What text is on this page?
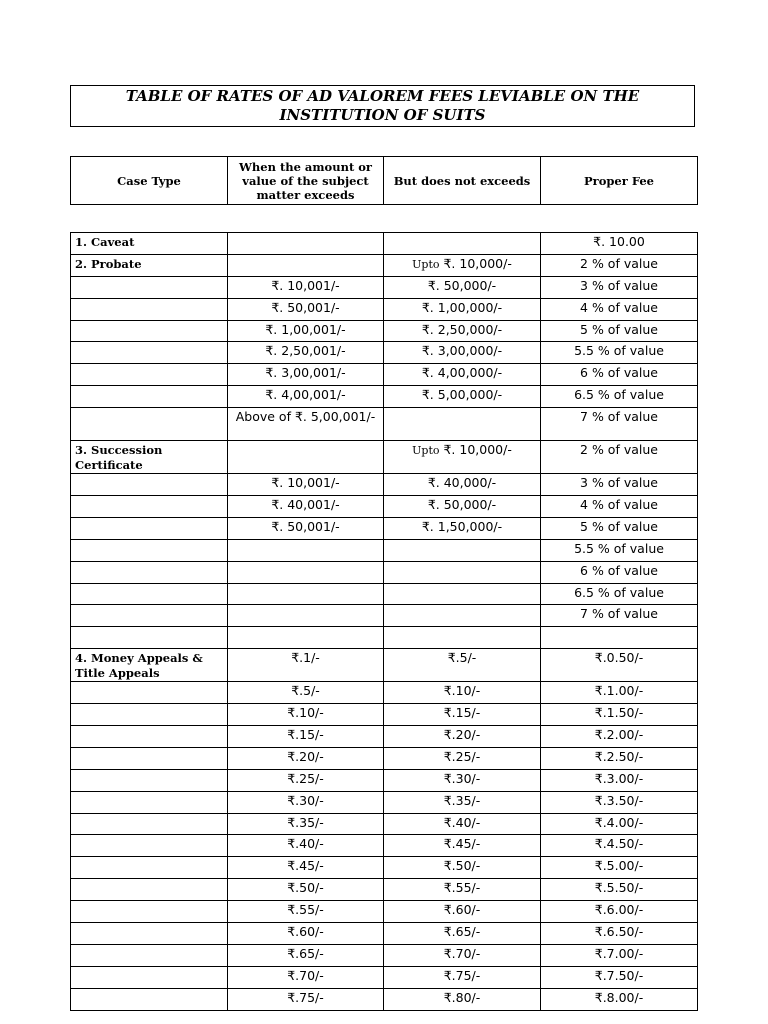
TABLE OF RATES OF AD VALOREM FEES LEVIABLE ON THE
INSTITUTION OF SUITS
Case Type	When the amount or value of the subject matter exceeds	But does not exceeds	Proper Fee
1. Caveat			₹. 10.00
2. Probate		Upto ₹. 10,000/-	2 % of value
	₹. 10,001/-	₹. 50,000/-	3 % of value
	₹. 50,001/-	₹. 1,00,000/-	4 % of value
	₹. 1,00,001/-	₹. 2,50,000/-	5 % of value
	₹. 2,50,001/-	₹. 3,00,000/-	5.5 % of value
	₹. 3,00,001/-	₹. 4,00,000/-	6 % of value
	₹. 4,00,001/-	₹. 5,00,000/-	6.5 % of value
	Above of ₹. 5,00,001/-		7 % of value
3. Succession Certificate		Upto ₹. 10,000/-	2 % of value
	₹. 10,001/-	₹. 40,000/-	3 % of value
	₹. 40,001/-	₹. 50,000/-	4 % of value
	₹. 50,001/-	₹. 1,50,000/-	5 % of value
			5.5 % of value
			6 % of value
			6.5 % of value
			7 % of value

4. Money Appeals & Title Appeals	₹.1/-	₹.5/-	₹.0.50/-
	₹.5/-	₹.10/-	₹.1.00/-
	₹.10/-	₹.15/-	₹.1.50/-
	₹.15/-	₹.20/-	₹.2.00/-
	₹.20/-	₹.25/-	₹.2.50/-
	₹.25/-	₹.30/-	₹.3.00/-
	₹.30/-	₹.35/-	₹.3.50/-
	₹.35/-	₹.40/-	₹.4.00/-
	₹.40/-	₹.45/-	₹.4.50/-
	₹.45/-	₹.50/-	₹.5.00/-
	₹.50/-	₹.55/-	₹.5.50/-
	₹.55/-	₹.60/-	₹.6.00/-
	₹.60/-	₹.65/-	₹.6.50/-
	₹.65/-	₹.70/-	₹.7.00/-
	₹.70/-	₹.75/-	₹.7.50/-
	₹.75/-	₹.80/-	₹.8.00/-
